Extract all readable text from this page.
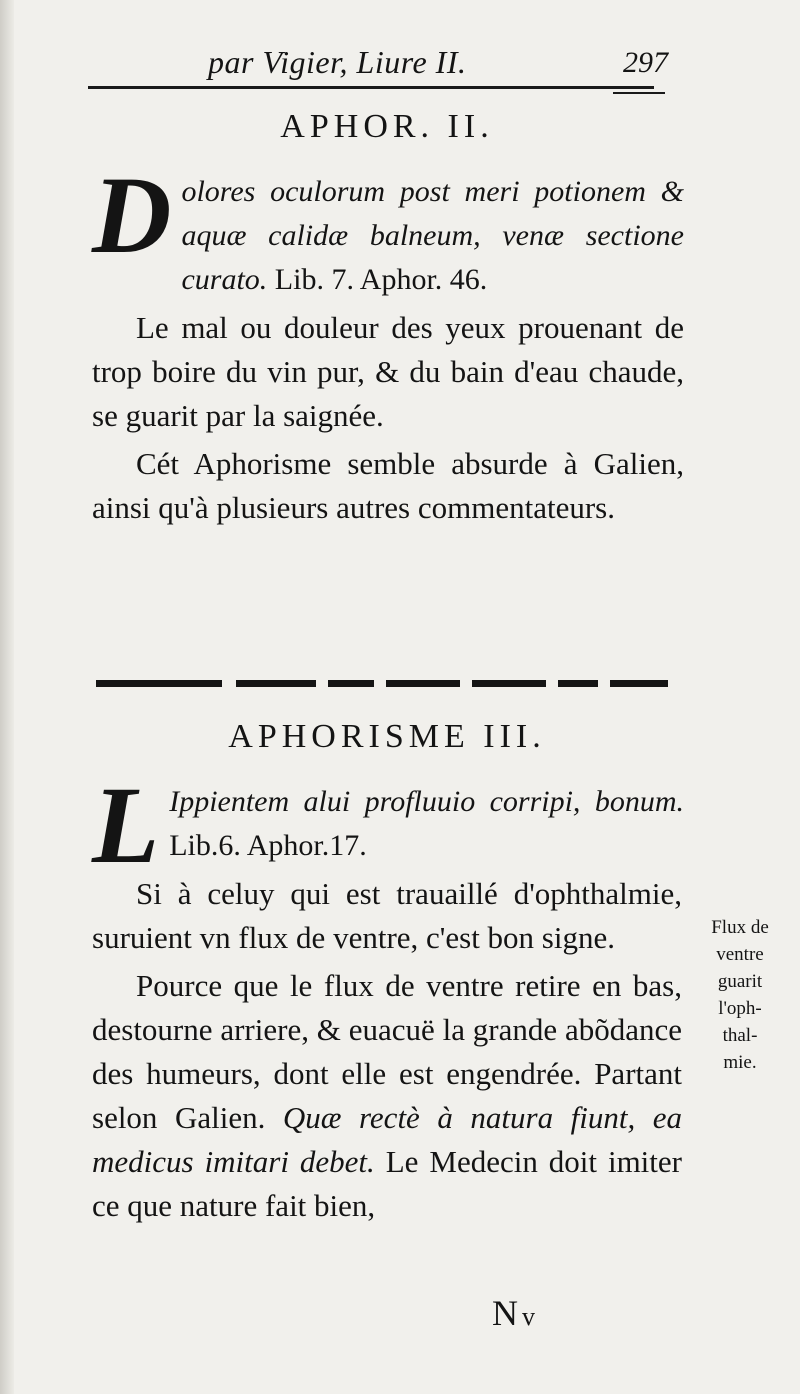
par Vigier, Liure II.	297
APHOR. II.
Dolores oculorum post meri potionem & aquæ calidæ balneum, venæ sectione curato. Lib. 7. Aphor. 46.

Le mal ou douleur des yeux prouenant de trop boire du vin pur, & du bain d'eau chaude, se guarit par la saignée.

Cét Aphorisme semble absurde à Galien, ainsi qu'à plusieurs autres commentateurs.

APHORISME III.
L Ippientem alui profluuio corripi, bonum. Lib.6. Aphor.17.

Si à celuy qui est trauaillé d'ophthalmie, suruient vn flux de ventre, c'est bon signe.

Pource que le flux de ventre retire en bas, destourne arriere, & euacuë la grande abõdance des humeurs, dont elle est engendrée. Partant selon Galien. Quæ rectè à natura fiunt, ea medicus imitari debet. Le Medecin doit imiter ce que nature fait bien,

Flux de
ventre
guarit
l'oph-
thal-
mie.
Nv
